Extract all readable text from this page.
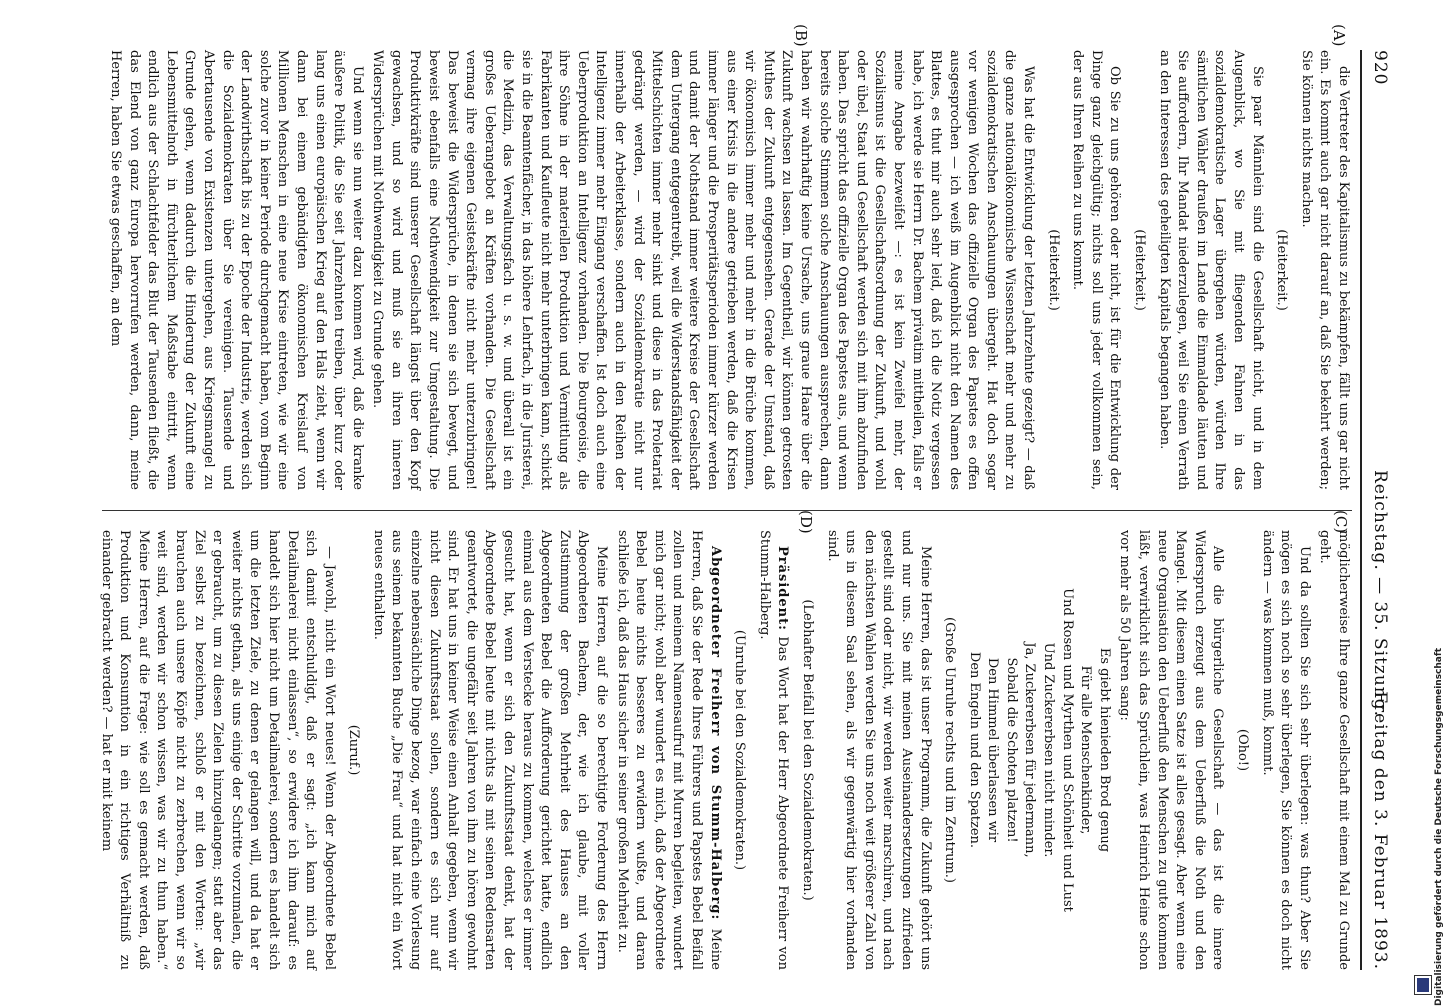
920
Reichstag. — 35. Sitzung.
Freitag den 3. Februar 1893.
(A)
(B)
(C)
(D)

die Vertreter des Kapitalismus zu bekämpfen, fällt uns gar nicht ein. Es kommt auch gar nicht darauf an, daß Sie bekehrt werden; Sie können nichts machen.

(Heiterkeit.)

Sie paar Männlein sind die Gesellschaft nicht, und in dem Augenblick, wo Sie mit fliegenden Fahnen in das sozialdemokratische Lager übergehen würden, würden Ihre sämtlichen Wähler draußen im Lande die Einmaldade läuten und Sie auffordern, Ihr Mandat niederzulegen, weil Sie einen Verrath an den Interessen des geheiligten Kapitals begangen haben.

(Heiterkeit.)

Ob Sie zu uns gehören oder nicht, ist für die Entwicklung der Dinge ganz gleichgültig; nichts soll uns jeder vollkommen sein, der aus Ihren Reihen zu uns kommt.

(Heiterkeit.)

Was hat die Entwicklung der letzten Jahrzehnte gezeigt? — daß die ganze nationalökonomische Wissenschaft mehr und mehr zu sozialdemokratischen Anschauungen übergeht. Hat doch sogar vor wenigen Wochen das offizielle Organ des Papstes es offen ausgesprochen — ich weiß im Augenblick nicht den Namen des Blattes, es thut mir auch sehr leid, daß ich die Notiz vergessen habe, ich werde sie Herrn Dr. Bachem privatim mittheilen, falls er meine Angabe bezweifelt —: es ist kein Zweifel mehr, der Sozialismus ist die Gesellschaftsordnung der Zukunft, und wohl oder übel, Staat und Gesellschaft werden sich mit ihm abzufinden haben. Das spricht das offizielle Organ des Papstes aus, und wenn bereits solche Stimmen solche Anschauungen aussprechen, dann haben wir wahrhaftig keine Ursache, uns graue Haare über die Zukunft wachsen zu lassen. Im Gegentheil, wir können getrosten Muthes der Zukunft entgegensehen. Gerade der Umstand, daß wir ökonomisch immer mehr und mehr in die Brüche kommen, aus einer Krisis in die andere getrieben werden, daß die Krisen immer länger und die Prosperitätsperioden immer kürzer werden und damit der Nothstand immer weitere Kreise der Gesellschaft dem Untergang entgegentreibt, weil die Widerstandsfähigkeit der Mittelschichten immer mehr sinkt und diese in das Proletariat gedrängt werden, — wird der Sozialdemokratie nicht nur innerhalb der Arbeiterklasse, sondern auch in den Reihen der Intelligenz immer mehr Eingang verschaffen. Ist doch auch eine Ueberproduktion an Intelligenz vorhanden. Die Bourgeoisie, die ihre Söhne in der materiellen Produktion und Vermittlung als Fabrikanten und Kaufleute nicht mehr unterbringen kann, schickt sie in die Beamtenfächer, in das höhere Lehrfach, in die Juristerei, die Medizin, das Verwaltungsfach u. s. w. und überall ist ein großes Ueberangebot an Kräften vorhanden. Die Gesellschaft vermag ihre eigenen Geisteskräfte nicht mehr unterzubringen! Das beweist die Widersprüche, in denen sie sich bewegt, und beweist ebenfalls eine Nothwendigkeit zur Umgestaltung. Die Produktivkräfte sind unserer Gesellschaft längst über den Kopf gewachsen, und so wird und muß sie an ihren inneren Widersprüchen mit Nothwendigkeit zu Grunde gehen.

Und wenn sie nun weiter dazu kommen wird, daß die kranke äußere Politik, die Sie seit Jahrzehnten treiben, über kurz oder lang uns einen europäischen Krieg auf den Hals zieht, wenn wir dann bei einem gebändigten ökonomischen Kreislauf von Millionen Menschen in eine neue Krise eintreten, wie wir eine solche zuvor in keiner Periode durchgemacht haben, vom Beginn der Landwirthschaft bis zu der Epoche der Industrie, werden sich die Sozialdemokraten über Sie vereinigen. Tausende und Abertausende von Existenzen untergehen, aus Kriegsmangel zu Grunde gehen, wenn dadurch die Hinderung der Zukunft eine Lebensmittelnoth in fürchterlichem Maßstabe eintritt, wenn endlich aus der Schlachtfelder das Blut der Tausenden fließt, die das Elend von ganz Europa hervorrufen werden, dann, meine Herren, haben Sie etwas geschaffen, an dem

möglicherweise Ihre ganze Gesellschaft mit einem Mal zu Grunde geht.

Und da sollten Sie sich sehr überlegen: was thun? Aber Sie mögen es sich noch so sehr überlegen, Sie können es doch nicht ändern — was kommen muß, kommt.

(Oho!)

Alle die bürgerliche Gesellschaft — das ist die innere Widerspruch erzeugt aus dem Ueberfluß die Noth und den Mangel. Mit diesem einen Satze ist alles gesagt. Aber wenn eine neue Organisation den Ueberfluß den Menschen zu gute kommen läßt, verwirklicht sich das Sprüchlein, was Heinrich Heine schon vor mehr als 50 Jahren sang:

Es giebt hienieden Brod genug

Für alle Menschenkinder,

Und Rosen und Myrthen und Schönheit und Lust

Und Zuckererbsen nicht minder.

Ja, Zuckererbsen für jedermann,

Sobald die Schoten platzen!

Den Himmel überlassen wir

Den Engeln und den Spatzen.

(Große Unruhe rechts und im Zentrum.)

Meine Herren, das ist unser Programm, die Zukunft gehört uns und nur uns. Sie mit meinen Auseinandersetzungen zufrieden gestellt sind oder nicht, wir werden weiter marschiren, und nach den nächsten Wahlen werden Sie uns noch weit größerer Zahl von uns in diesem Saal sehen, als wir gegenwärtig hier vorhanden sind.

(Lebhafter Beifall bei den Sozialdemokraten.)

Präsident: Das Wort hat der Herr Abgeordnete Freiherr von Stumm-Halberg.

(Unruhe bei den Sozialdemokraten.)

Abgeordneter Freiherr von Stumm-Halberg: Meine Herren, daß Sie der Rede Ihres Führers und Papstes Bebel Beifall zollen und meinem Namensaufruf mit Murren begleiten, wundert mich gar nicht; wohl aber wundert es mich, daß der Abgeordnete Bebel heute nichts besseres zu erwidern wußte, und daran schließe ich, daß das Haus sicher in seiner großen Mehrheit zu.

Meine Herren, auf die so berechtigte Forderung des Herrn Abgeordneten Bachem, der, wie ich glaube, mit voller Zustimmung der großen Mehrheit des Hauses an den Abgeordneten Bebel die Aufforderung gerichtet hatte, endlich einmal aus dem Verstecke heraus zu kommen, welches er immer gesucht hat, wenn er sich den Zukunftsstaat denkt, hat der Abgeordnete Bebel heute mit nichts als mit seinen Redensarten geantwortet, die ungefähr seit Jahren von ihm zu hören gewohnt sind. Er hat uns in keiner Weise einen Anhalt gegeben, wenn wir nicht diesen Zukunftsstaat sollen, sondern es sich nur auf einzelne nebensächliche Dinge bezog, war einfach eine Vorlesung aus seinem bekannten Buche „Die Frau“ und hat nicht ein Wort neues enthalten.

(Zuruf.)

— Jawohl, nicht ein Wort neues! Wenn der Abgeordnete Bebel sich damit entschuldigt, daß er sagt: „ich kann mich auf Detailmalerei nicht einlassen“, so erwidere ich ihm darauf: es handelt sich hier nicht um Detailmalerei, sondern es handelt sich um die letzten Ziele, zu denen er gelangen will, und da hat er weiter nichts gethan, als uns einige der Schritte vorzumalen, die er gebraucht, um zu diesen Zielen hinzugelangen; statt aber das Ziel selbst zu bezeichnen, schloß er mit den Worten: „wir brauchen auch unsere Köpfe nicht zu zerbrechen, wenn wir so weit sind, werden wir schon wissen, was wir zu thun haben.“ Meine Herren, auf die Frage: wie soll es gemacht werden, daß Produktion und Konsumtion in ein richtiges Verhältniß zu einander gebracht werden? — hat er mit keinem	Digitalisierung gefördert durch die Deutsche Forschungsgemeinschaft
